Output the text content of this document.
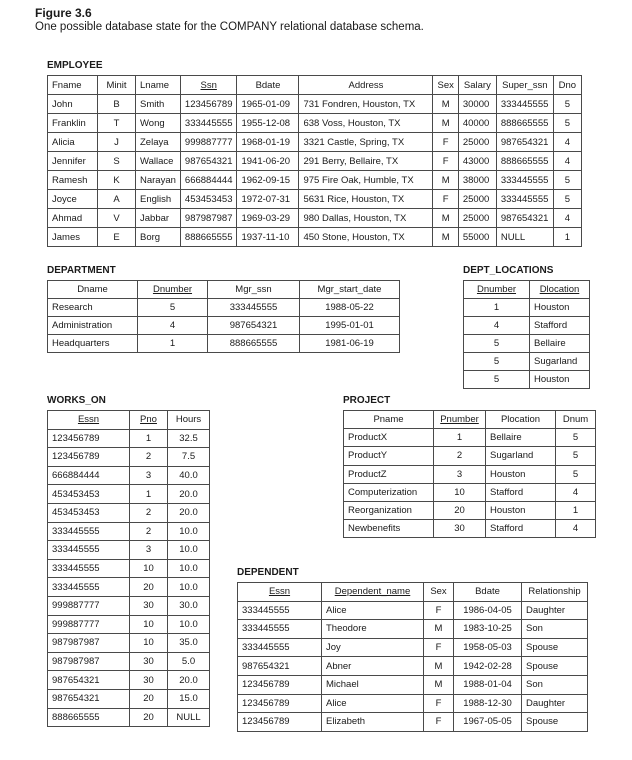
Figure 3.6
One possible database state for the COMPANY relational database schema.
EMPLOYEE
Fname	Minit	Lname	Ssn	Bdate	Address	Sex	Salary	Super_ssn	Dno
John	B	Smith	123456789	1965-01-09	731 Fondren, Houston, TX	M	30000	333445555	5
Franklin	T	Wong	333445555	1955-12-08	638 Voss, Houston, TX	M	40000	888665555	5
Alicia	J	Zelaya	999887777	1968-01-19	3321 Castle, Spring, TX	F	25000	987654321	4
Jennifer	S	Wallace	987654321	1941-06-20	291 Berry, Bellaire, TX	F	43000	888665555	4
Ramesh	K	Narayan	666884444	1962-09-15	975 Fire Oak, Humble, TX	M	38000	333445555	5
Joyce	A	English	453453453	1972-07-31	5631 Rice, Houston, TX	F	25000	333445555	5
Ahmad	V	Jabbar	987987987	1969-03-29	980 Dallas, Houston, TX	M	25000	987654321	4
James	E	Borg	888665555	1937-11-10	450 Stone, Houston, TX	M	55000	NULL	1
DEPARTMENT
Dname	Dnumber	Mgr_ssn	Mgr_start_date
Research	5	333445555	1988-05-22
Administration	4	987654321	1995-01-01
Headquarters	1	888665555	1981-06-19
DEPT_LOCATIONS
Dnumber	Dlocation
1	Houston
4	Stafford
5	Bellaire
5	Sugarland
5	Houston
WORKS_ON
Essn	Pno	Hours
123456789	1	32.5
123456789	2	7.5
666884444	3	40.0
453453453	1	20.0
453453453	2	20.0
333445555	2	10.0
333445555	3	10.0
333445555	10	10.0
333445555	20	10.0
999887777	30	30.0
999887777	10	10.0
987987987	10	35.0
987987987	30	5.0
987654321	30	20.0
987654321	20	15.0
888665555	20	NULL
PROJECT
Pname	Pnumber	Plocation	Dnum
ProductX	1	Bellaire	5
ProductY	2	Sugarland	5
ProductZ	3	Houston	5
Computerization	10	Stafford	4
Reorganization	20	Houston	1
Newbenefits	30	Stafford	4
DEPENDENT
Essn	Dependent_name	Sex	Bdate	Relationship
333445555	Alice	F	1986-04-05	Daughter
333445555	Theodore	M	1983-10-25	Son
333445555	Joy	F	1958-05-03	Spouse
987654321	Abner	M	1942-02-28	Spouse
123456789	Michael	M	1988-01-04	Son
123456789	Alice	F	1988-12-30	Daughter
123456789	Elizabeth	F	1967-05-05	Spouse
